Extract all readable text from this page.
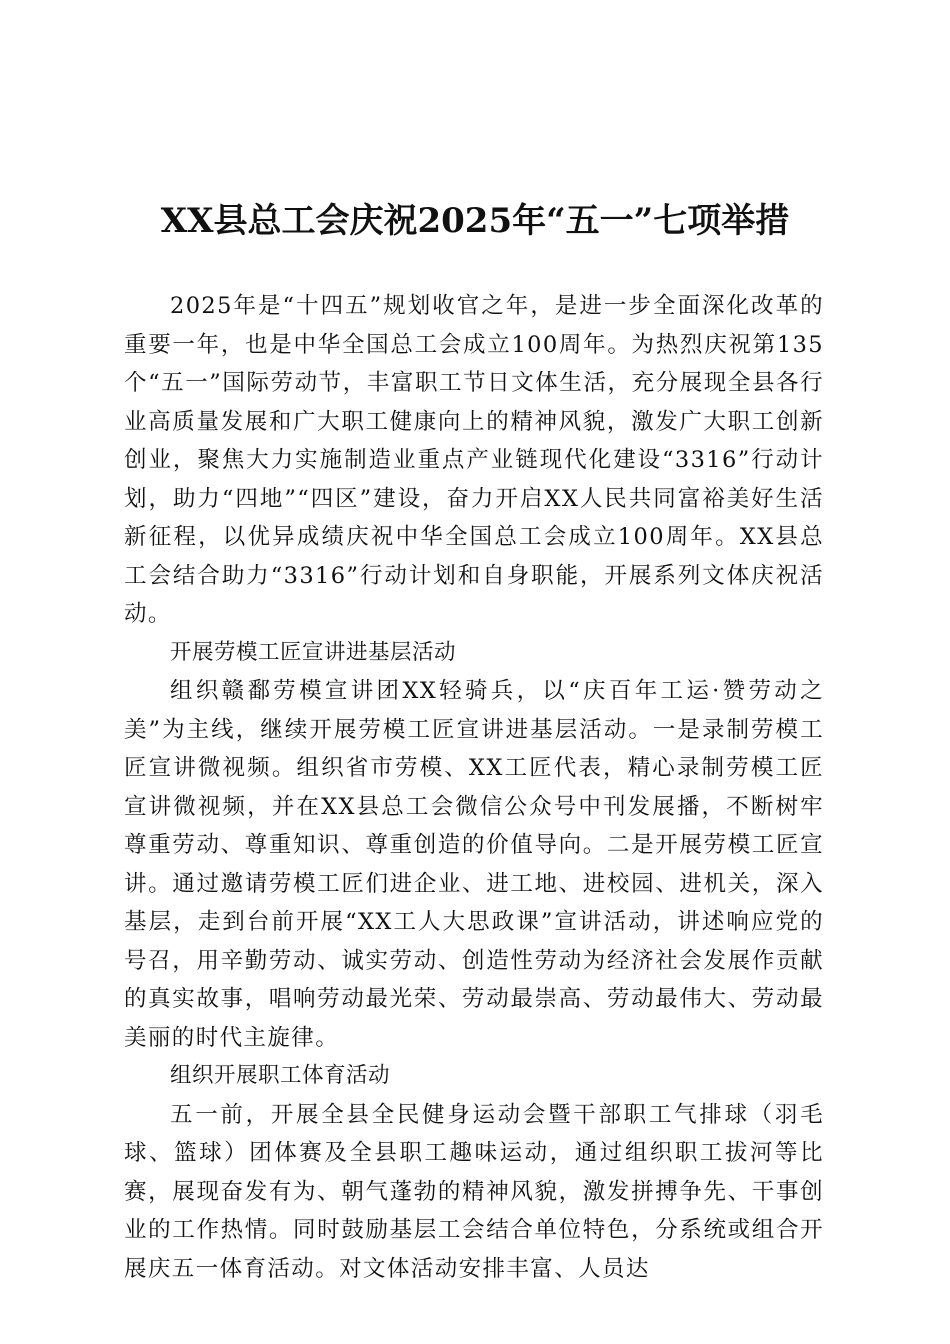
XX县总工会庆祝2025年“五一”七项举措

2025年是“十四五”规划收官之年，是进一步全面深化改革的重要一年，也是中华全国总工会成立100周年。为热烈庆祝第135个“五一”国际劳动节，丰富职工节日文体生活，充分展现全县各行业高质量发展和广大职工健康向上的精神风貌，激发广大职工创新创业，聚焦大力实施制造业重点产业链现代化建设“3316”行动计划，助力“四地”“四区”建设，奋力开启XX人民共同富裕美好生活新征程，以优异成绩庆祝中华全国总工会成立100周年。XX县总工会结合助力“3316”行动计划和自身职能，开展系列文体庆祝活动。

开展劳模工匠宣讲进基层活动

组织赣鄱劳模宣讲团XX轻骑兵，以“庆百年工运·赞劳动之美”为主线，继续开展劳模工匠宣讲进基层活动。一是录制劳模工匠宣讲微视频。组织省市劳模、XX工匠代表，精心录制劳模工匠宣讲微视频，并在XX县总工会微信公众号中刊发展播，不断树牢尊重劳动、尊重知识、尊重创造的价值导向。二是开展劳模工匠宣讲。通过邀请劳模工匠们进企业、进工地、进校园、进机关，深入基层，走到台前开展“XX工人大思政课”宣讲活动，讲述响应党的号召，用辛勤劳动、诚实劳动、创造性劳动为经济社会发展作贡献的真实故事，唱响劳动最光荣、劳动最崇高、劳动最伟大、劳动最美丽的时代主旋律。

组织开展职工体育活动

五一前，开展全县全民健身运动会暨干部职工气排球（羽毛球、篮球）团体赛及全县职工趣味运动，通过组织职工拔河等比赛，展现奋发有为、朝气蓬勃的精神风貌，激发拼搏争先、干事创业的工作热情。同时鼓励基层工会结合单位特色，分系统或组合开展庆五一体育活动。对文体活动安排丰富、人员达
